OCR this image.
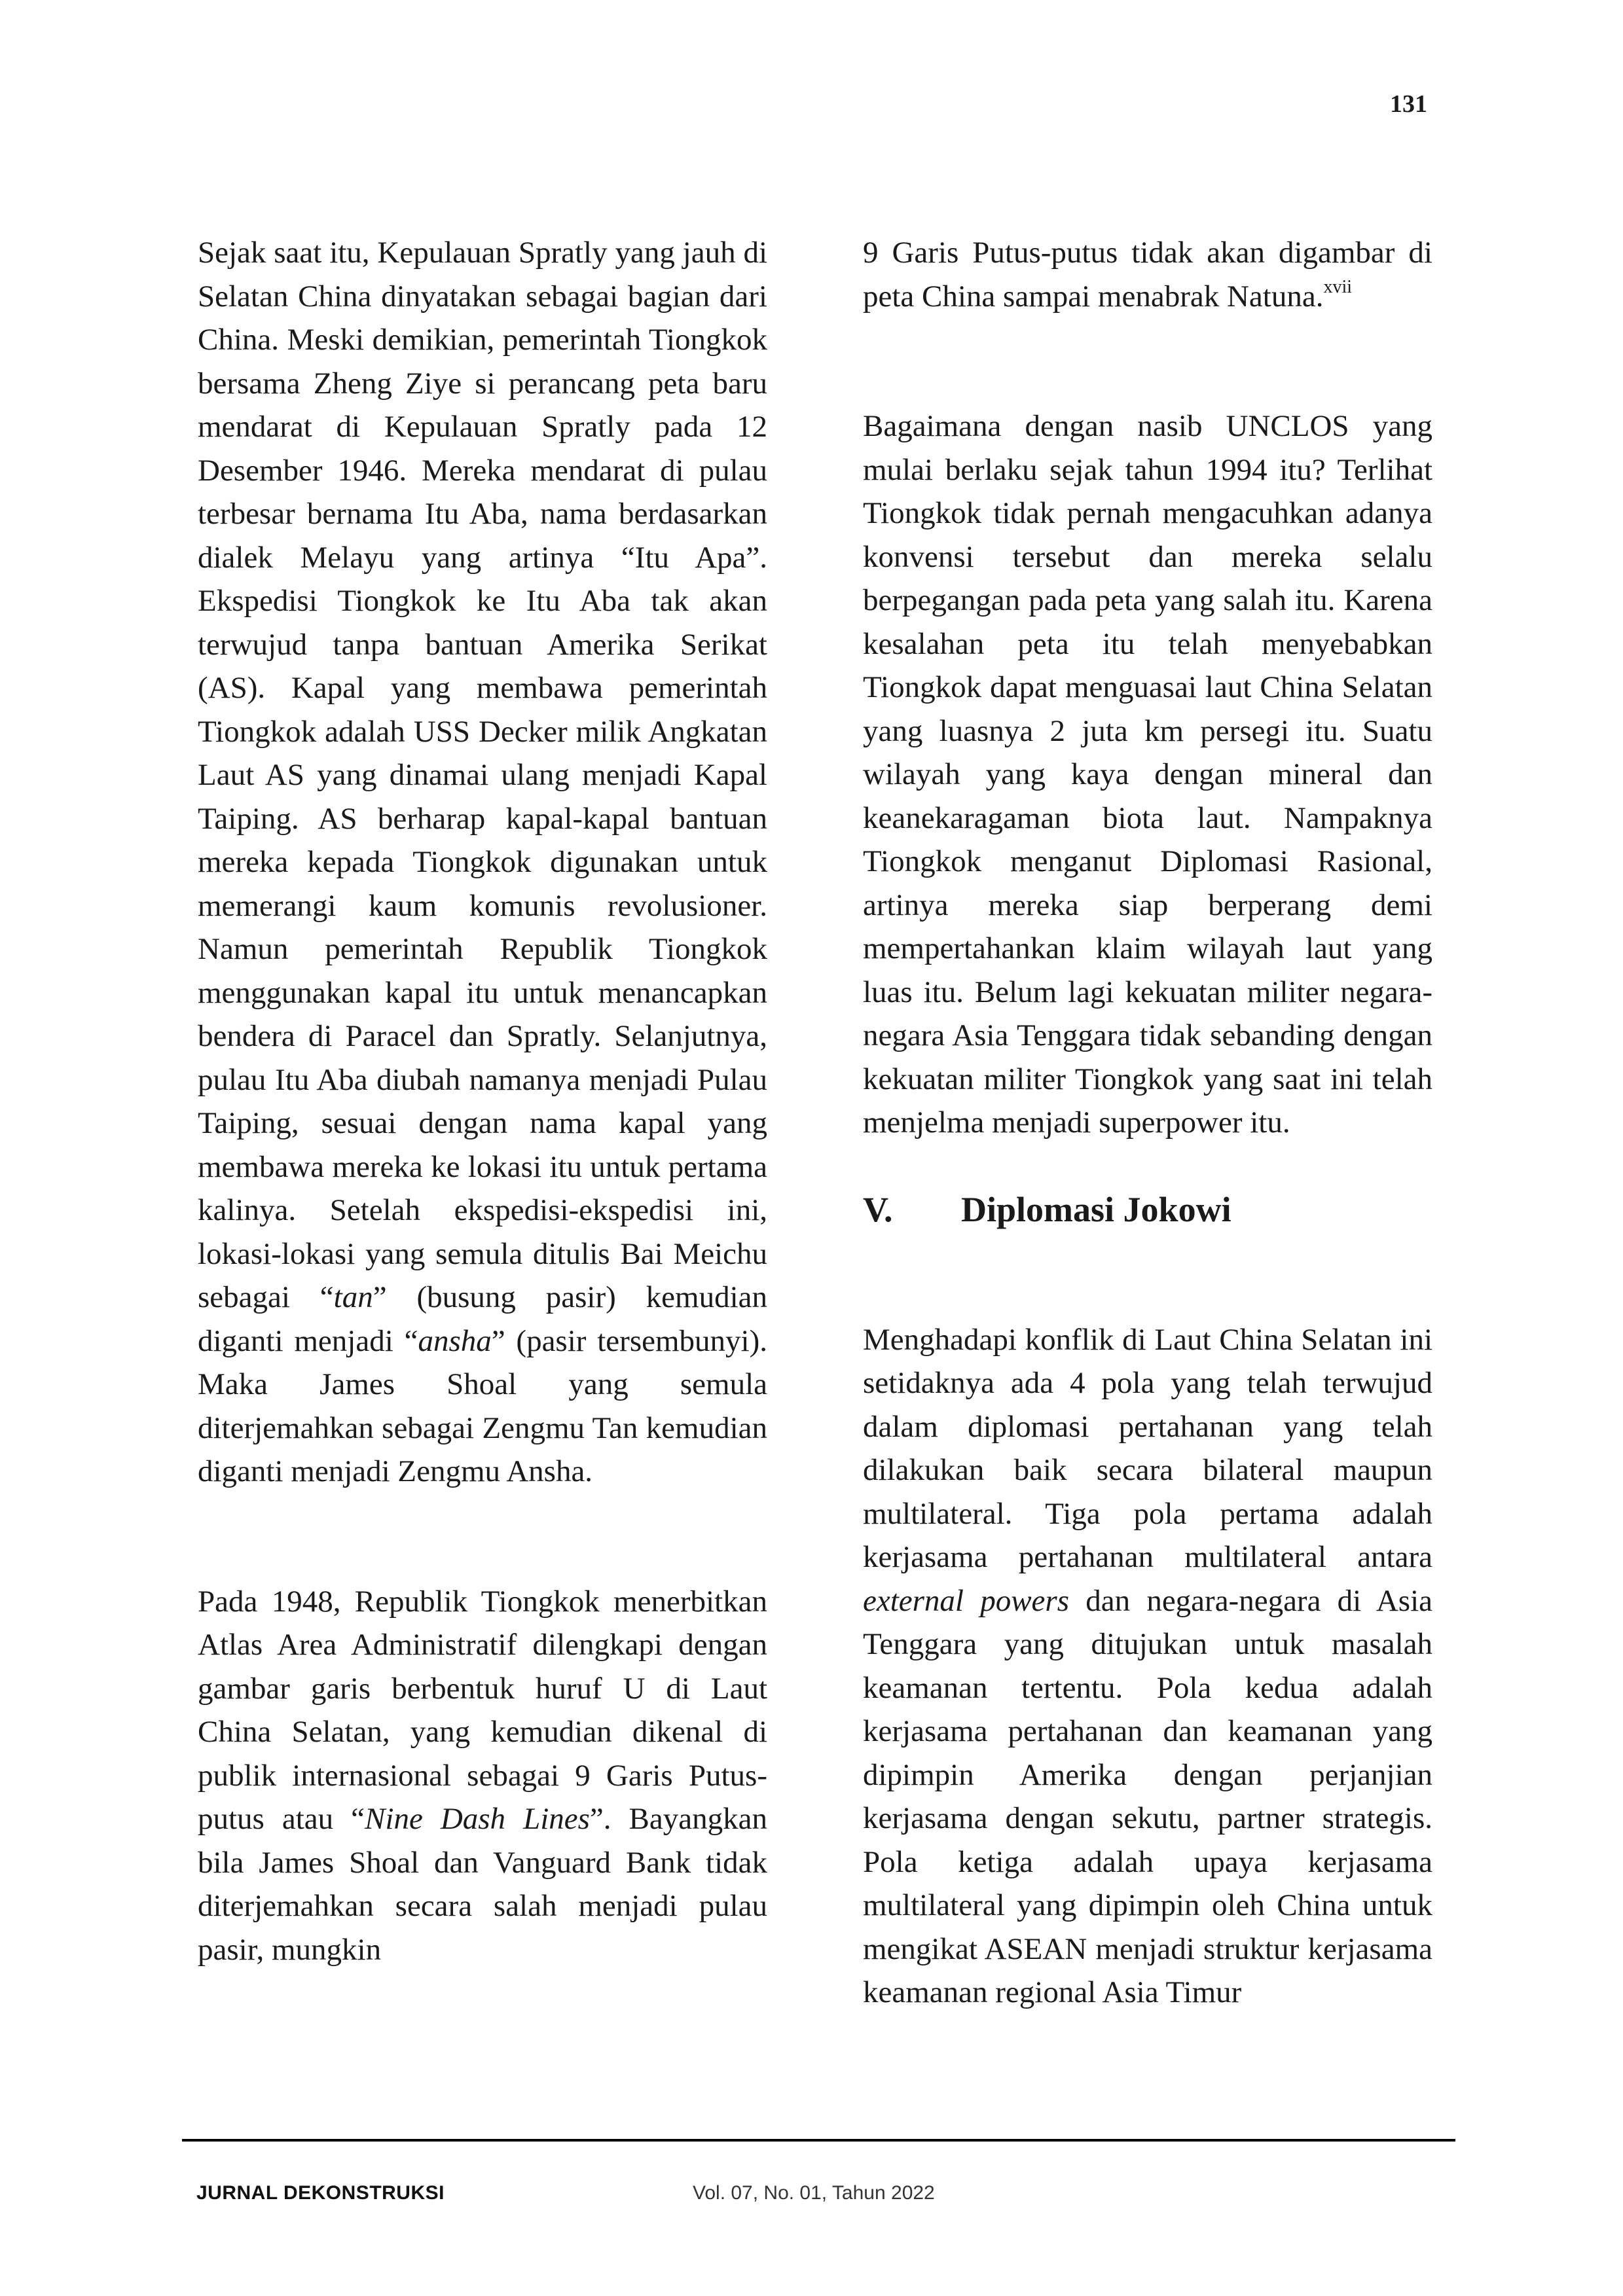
131

Sejak saat itu, Kepulauan Spratly yang jauh di Selatan China dinyatakan sebagai bagian dari China. Meski demikian, pemerintah Tiongkok bersama Zheng Ziye si perancang peta baru mendarat di Kepulauan Spratly pada 12 Desember 1946. Mereka mendarat di pulau terbesar bernama Itu Aba, nama berdasarkan dialek Melayu yang artinya “Itu Apa”. Ekspedisi Tiongkok ke Itu Aba tak akan terwujud tanpa bantuan Amerika Serikat (AS). Kapal yang membawa pemerintah Tiongkok adalah USS Decker milik Angkatan Laut AS yang dinamai ulang menjadi Kapal Taiping. AS berharap kapal-kapal bantuan mereka kepada Tiongkok digunakan untuk memerangi kaum komunis revolusioner. Namun pemerintah Republik Tiongkok menggunakan kapal itu untuk menancapkan bendera di Paracel dan Spratly. Selanjutnya, pulau Itu Aba diubah namanya menjadi Pulau Taiping, sesuai dengan nama kapal yang membawa mereka ke lokasi itu untuk pertama kalinya. Setelah ekspedisi-ekspedisi ini, lokasi-lokasi yang semula ditulis Bai Meichu sebagai “tan” (busung pasir) kemudian diganti menjadi “ansha” (pasir tersembunyi). Maka James Shoal yang semula diterjemahkan sebagai Zengmu Tan kemudian diganti menjadi Zengmu Ansha.

Pada 1948, Republik Tiongkok menerbitkan Atlas Area Administratif dilengkapi dengan gambar garis berbentuk huruf U di Laut China Selatan, yang kemudian dikenal di publik internasional sebagai 9 Garis Putus-putus atau “Nine Dash Lines”. Bayangkan bila James Shoal dan Vanguard Bank tidak diterjemahkan secara salah menjadi pulau pasir, mungkin

9 Garis Putus-putus tidak akan digambar di peta China sampai menabrak Natuna.$^{xvii}$

Bagaimana dengan nasib UNCLOS yang mulai berlaku sejak tahun 1994 itu? Terlihat Tiongkok tidak pernah mengacuhkan adanya konvensi tersebut dan mereka selalu berpegangan pada peta yang salah itu. Karena kesalahan peta itu telah menyebabkan Tiongkok dapat menguasai laut China Selatan yang luasnya 2 juta km persegi itu. Suatu wilayah yang kaya dengan mineral dan keanekaragaman biota laut. Nampaknya Tiongkok menganut Diplomasi Rasional, artinya mereka siap berperang demi mempertahankan klaim wilayah laut yang luas itu. Belum lagi kekuatan militer negara-negara Asia Tenggara tidak sebanding dengan kekuatan militer Tiongkok yang saat ini telah menjelma menjadi superpower itu.

V.	Diplomasi Jokowi

Menghadapi konflik di Laut China Selatan ini setidaknya ada 4 pola yang telah terwujud dalam diplomasi pertahanan yang telah dilakukan baik secara bilateral maupun multilateral. Tiga pola pertama adalah kerjasama pertahanan multilateral antara external powers dan negara-negara di Asia Tenggara yang ditujukan untuk masalah keamanan tertentu. Pola kedua adalah kerjasama pertahanan dan keamanan yang dipimpin Amerika dengan perjanjian kerjasama dengan sekutu, partner strategis. Pola ketiga adalah upaya kerjasama multilateral yang dipimpin oleh China untuk mengikat ASEAN menjadi struktur kerjasama keamanan regional Asia Timur

JURNAL DEKONSTRUKSI	Vol. 07, No. 01, Tahun 2022
